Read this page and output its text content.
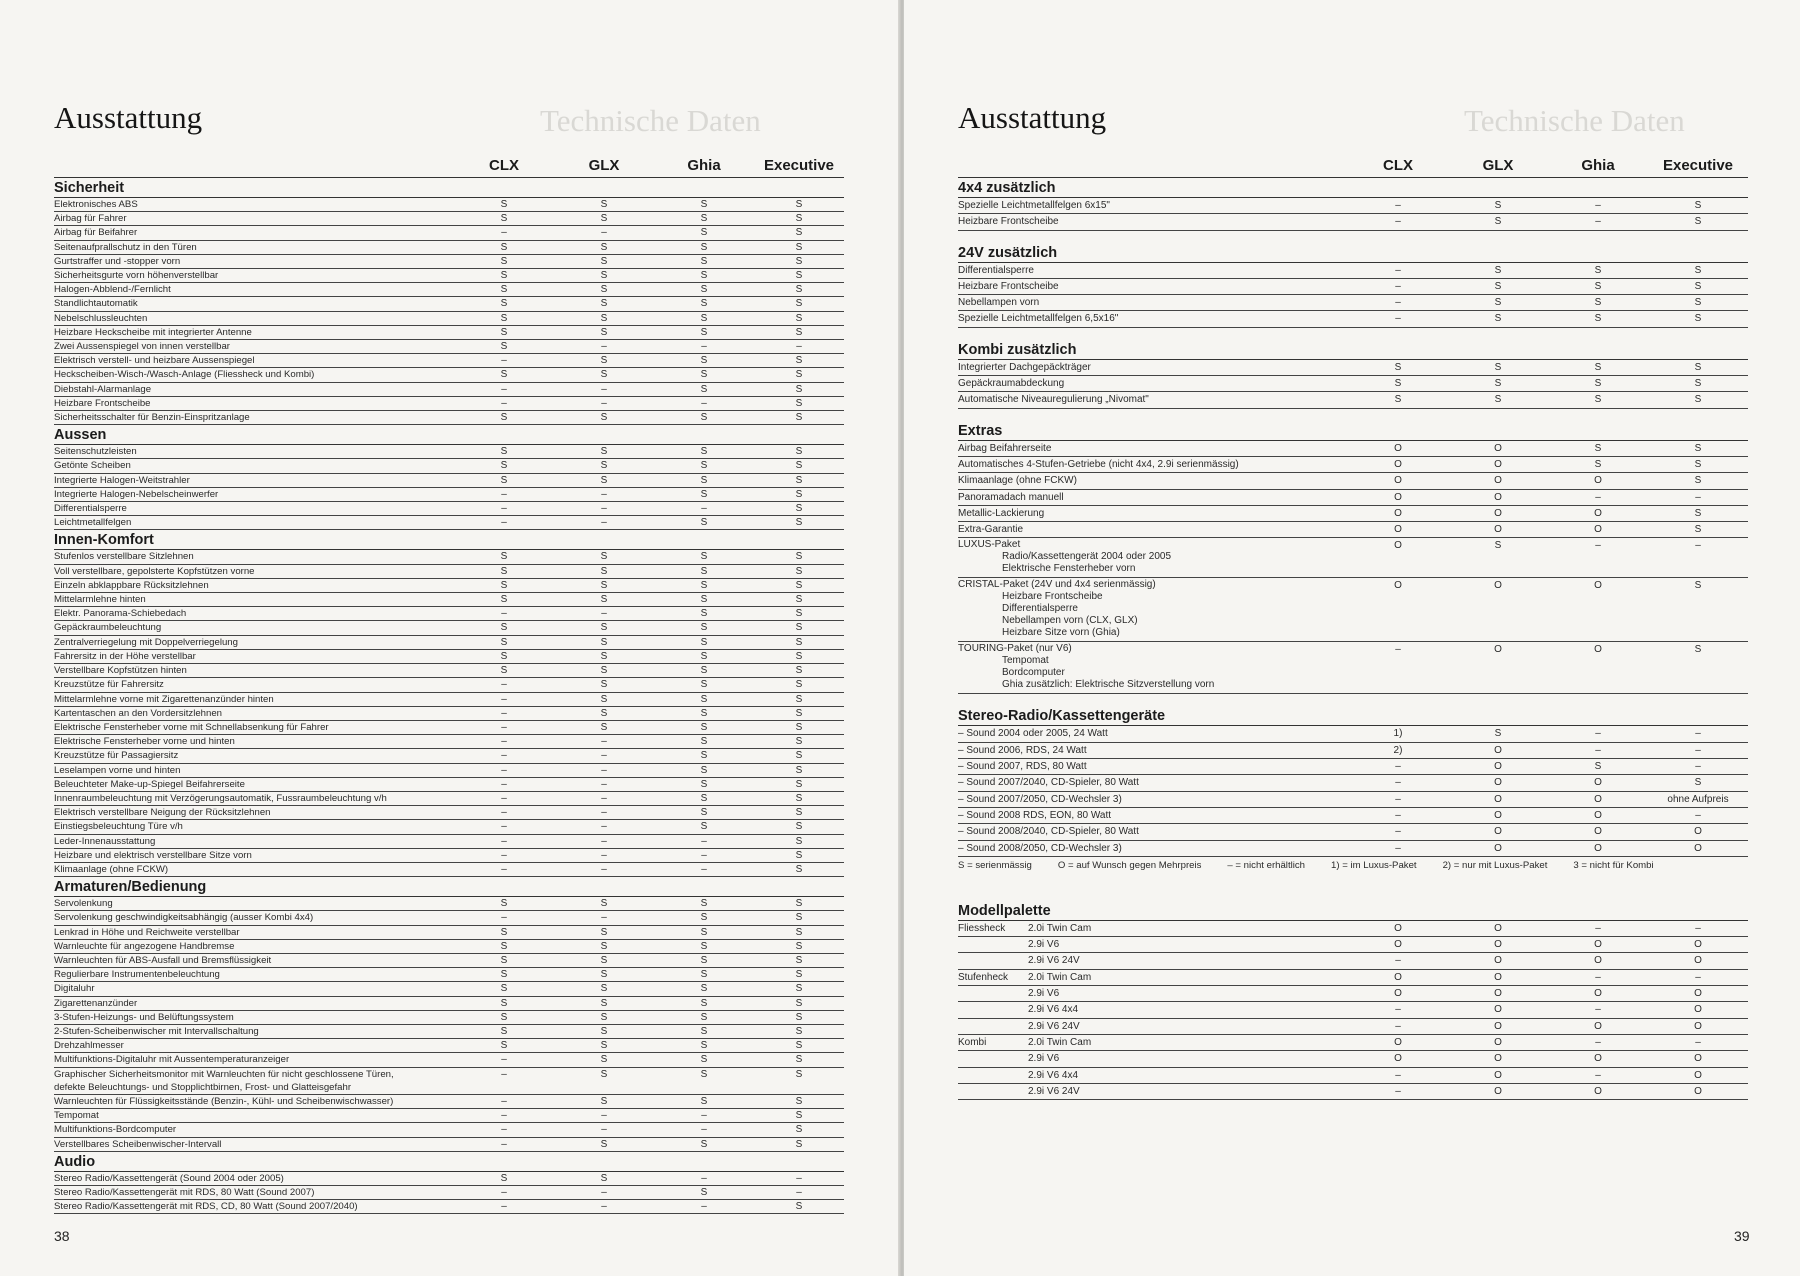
Technische Daten
Ausstattung
CLX	GLX	Ghia	Executive
Sicherheit
Elektronisches ABS	S	S	S	S
Airbag für Fahrer	S	S	S	S
Airbag für Beifahrer	–	–	S	S
Seitenaufprallschutz in den Türen	S	S	S	S
Gurtstraffer und -stopper vorn	S	S	S	S
Sicherheitsgurte vorn höhenverstellbar	S	S	S	S
Halogen-Abblend-/Fernlicht	S	S	S	S
Standlichtautomatik	S	S	S	S
Nebelschlussleuchten	S	S	S	S
Heizbare Heckscheibe mit integrierter Antenne	S	S	S	S
Zwei Aussenspiegel von innen verstellbar	S	–	–	–
Elektrisch verstell- und heizbare Aussenspiegel	–	S	S	S
Heckscheiben-Wisch-/Wasch-Anlage (Fliessheck und Kombi)	S	S	S	S
Diebstahl-Alarmanlage	–	–	S	S
Heizbare Frontscheibe	–	–	–	S
Sicherheitsschalter für Benzin-Einspritzanlage	S	S	S	S
Aussen
Seitenschutzleisten	S	S	S	S
Getönte Scheiben	S	S	S	S
Integrierte Halogen-Weitstrahler	S	S	S	S
Integrierte Halogen-Nebelscheinwerfer	–	–	S	S
Differentialsperre	–	–	–	S
Leichtmetallfelgen	–	–	S	S
Innen-Komfort
Stufenlos verstellbare Sitzlehnen	S	S	S	S
Voll verstellbare, gepolsterte Kopfstützen vorne	S	S	S	S
Einzeln abklappbare Rücksitzlehnen	S	S	S	S
Mittelarmlehne hinten	S	S	S	S
Elektr. Panorama-Schiebedach	–	–	S	S
Gepäckraumbeleuchtung	S	S	S	S
Zentralverriegelung mit Doppelverriegelung	S	S	S	S
Fahrersitz in der Höhe verstellbar	S	S	S	S
Verstellbare Kopfstützen hinten	S	S	S	S
Kreuzstütze für Fahrersitz	–	S	S	S
Mittelarmlehne vorne mit Zigarettenanzünder hinten	–	S	S	S
Kartentaschen an den Vordersitzlehnen	–	S	S	S
Elektrische Fensterheber vorne mit Schnellabsenkung für Fahrer	–	S	S	S
Elektrische Fensterheber vorne und hinten	–	–	S	S
Kreuzstütze für Passagiersitz	–	–	S	S
Leselampen vorne und hinten	–	–	S	S
Beleuchteter Make-up-Spiegel Beifahrerseite	–	–	S	S
Innenraumbeleuchtung mit Verzögerungsautomatik, Fussraumbeleuchtung v/h	–	–	S	S
Elektrisch verstellbare Neigung der Rücksitzlehnen	–	–	S	S
Einstiegsbeleuchtung Türe v/h	–	–	S	S
Leder-Innenausstattung	–	–	–	S
Heizbare und elektrisch verstellbare Sitze vorn	–	–	–	S
Klimaanlage (ohne FCKW)	–	–	–	S
Armaturen/Bedienung
Servolenkung	S	S	S	S
Servolenkung geschwindigkeitsabhängig (ausser Kombi 4x4)	–	–	S	S
Lenkrad in Höhe und Reichweite verstellbar	S	S	S	S
Warnleuchte für angezogene Handbremse	S	S	S	S
Warnleuchten für ABS-Ausfall und Bremsflüssigkeit	S	S	S	S
Regulierbare Instrumentenbeleuchtung	S	S	S	S
Digitaluhr	S	S	S	S
Zigarettenanzünder	S	S	S	S
3-Stufen-Heizungs- und Belüftungssystem	S	S	S	S
2-Stufen-Scheibenwischer mit Intervallschaltung	S	S	S	S
Drehzahlmesser	S	S	S	S
Multifunktions-Digitaluhr mit Aussentemperaturanzeiger	–	S	S	S
Graphischer Sicherheitsmonitor mit Warnleuchten für nicht geschlossene Türen,
defekte Beleuchtungs- und Stopplichtbirnen, Frost- und Glatteisgefahr
–	S	S	S
Warnleuchten für Flüssigkeitsstände (Benzin-, Kühl- und Scheibenwischwasser)	–	S	S	S
Tempomat	–	–	–	S
Multifunktions-Bordcomputer	–	–	–	S
Verstellbares Scheibenwischer-Intervall	–	S	S	S
Audio
Stereo Radio/Kassettengerät (Sound 2004 oder 2005)	S	S	–	–
Stereo Radio/Kassettengerät mit RDS, 80 Watt (Sound 2007)	–	–	S	–
Stereo Radio/Kassettengerät mit RDS, CD, 80 Watt (Sound 2007/2040)	–	–	–	S
38
Technische Daten
Ausstattung
CLX	GLX	Ghia	Executive
4x4 zusätzlich
Spezielle Leichtmetallfelgen 6x15"	–	S	–	S
Heizbare Frontscheibe	–	S	–	S
24V zusätzlich
Differentialsperre	–	S	S	S
Heizbare Frontscheibe	–	S	S	S
Nebellampen vorn	–	S	S	S
Spezielle Leichtmetallfelgen 6,5x16"	–	S	S	S
Kombi zusätzlich
Integrierter Dachgepäckträger	S	S	S	S
Gepäckraumabdeckung	S	S	S	S
Automatische Niveauregulierung „Nivomat"	S	S	S	S
Extras
Airbag Beifahrerseite	O	O	S	S
Automatisches 4-Stufen-Getriebe (nicht 4x4, 2.9i serienmässig)	O	O	S	S
Klimaanlage (ohne FCKW)	O	O	O	S
Panoramadach manuell	O	O	–	–
Metallic-Lackierung	O	O	O	S
Extra-Garantie	O	O	O	S
LUXUS-Paket
Radio/Kassettengerät 2004 oder 2005
Elektrische Fensterheber vorn
O	S	–	–
CRISTAL-Paket (24V und 4x4 serienmässig)
Heizbare Frontscheibe
Differentialsperre
Nebellampen vorn (CLX, GLX)
Heizbare Sitze vorn (Ghia)
O	O	O	S
TOURING-Paket (nur V6)
Tempomat
Bordcomputer
Ghia zusätzlich: Elektrische Sitzverstellung vorn
–	O	O	S
Stereo-Radio/Kassettengeräte
– Sound 2004 oder 2005, 24 Watt	1)	S	–	–
– Sound 2006, RDS, 24 Watt	2)	O	–	–
– Sound 2007, RDS, 80 Watt	–	O	S	–
– Sound 2007/2040, CD-Spieler, 80 Watt	–	O	O	S
– Sound 2007/2050, CD-Wechsler 3)	–	O	O	ohne Aufpreis
– Sound 2008 RDS, EON, 80 Watt	–	O	O	–
– Sound 2008/2040, CD-Spieler, 80 Watt	–	O	O	O
– Sound 2008/2050, CD-Wechsler 3)	–	O	O	O
S = serienmässig	O = auf Wunsch gegen Mehrpreis	– = nicht erhältlich	1) = im Luxus-Paket	2) = nur mit Luxus-Paket	3 = nicht für Kombi
Modellpalette
Fliessheck	2.0i Twin Cam	O	O	–	–
2.9i V6	O	O	O	O
2.9i V6 24V	–	O	O	O
Stufenheck	2.0i Twin Cam	O	O	–	–
2.9i V6	O	O	O	O
2.9i V6 4x4	–	O	–	O
2.9i V6 24V	–	O	O	O
Kombi	2.0i Twin Cam	O	O	–	–
2.9i V6	O	O	O	O
2.9i V6 4x4	–	O	–	O
2.9i V6 24V	–	O	O	O
39
